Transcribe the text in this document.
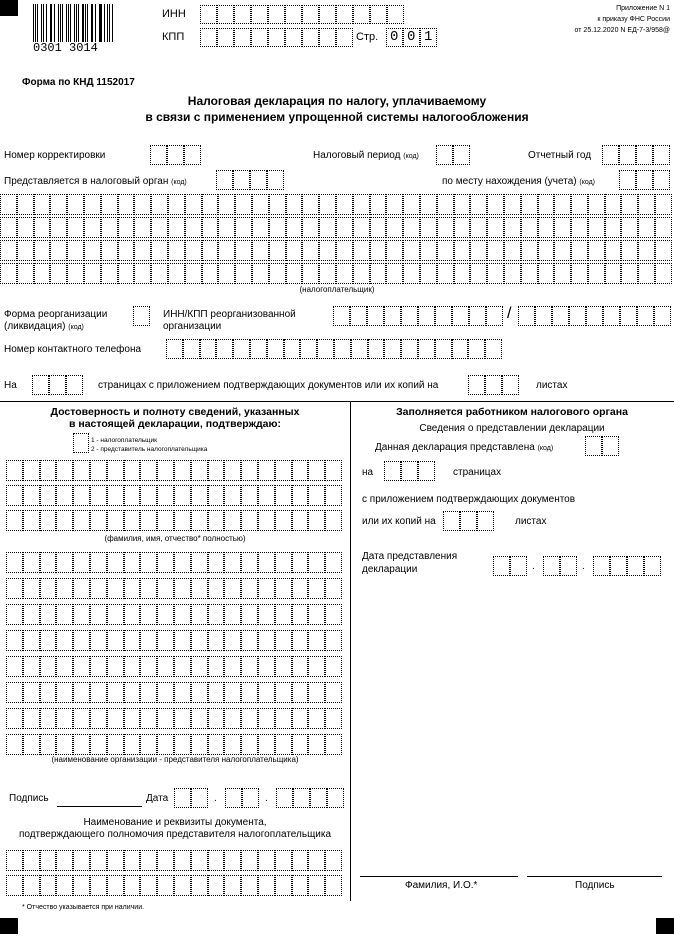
0301 3014
ИНН
КПП	Стр. 0 0 1
Приложение N 1
к приказу ФНС России
от 25.12.2020 N ЕД-7-3/958@
Форма по КНД 1152017
Налоговая декларация по налогу, уплачиваемому
в связи с применением упрощенной системы налогообложения
Номер корректировки	Налоговый период (код)	Отчетный год
Представляется в налоговый орган (код)	по месту нахождения (учета) (код)
(налогоплательщик)
Форма реорганизации
(ликвидация) (код)
ИНН/КПП реорганизованной
организации
/
Номер контактного телефона
На	страницах с приложением подтверждающих документов или их копий на	листах
Достоверность и полноту сведений, указанных
в настоящей декларации, подтверждаю:
1 - налогоплательщик
2 - представитель налогоплательщика
(фамилия, имя, отчество* полностью)
(наименование организации - представителя налогоплательщика)
Подпись	Дата	.	.
Наименование и реквизиты документа,
подтверждающего полномочия представителя налогоплательщика
* Отчество указывается при наличии.
Заполняется работником налогового органа
Сведения о представлении декларации
Данная декларация представлена (код)
на	страницах
с приложением подтверждающих документов
или их копий на	листах
Дата представления
декларации	.	.
Фамилия, И.О.*	Подпись
